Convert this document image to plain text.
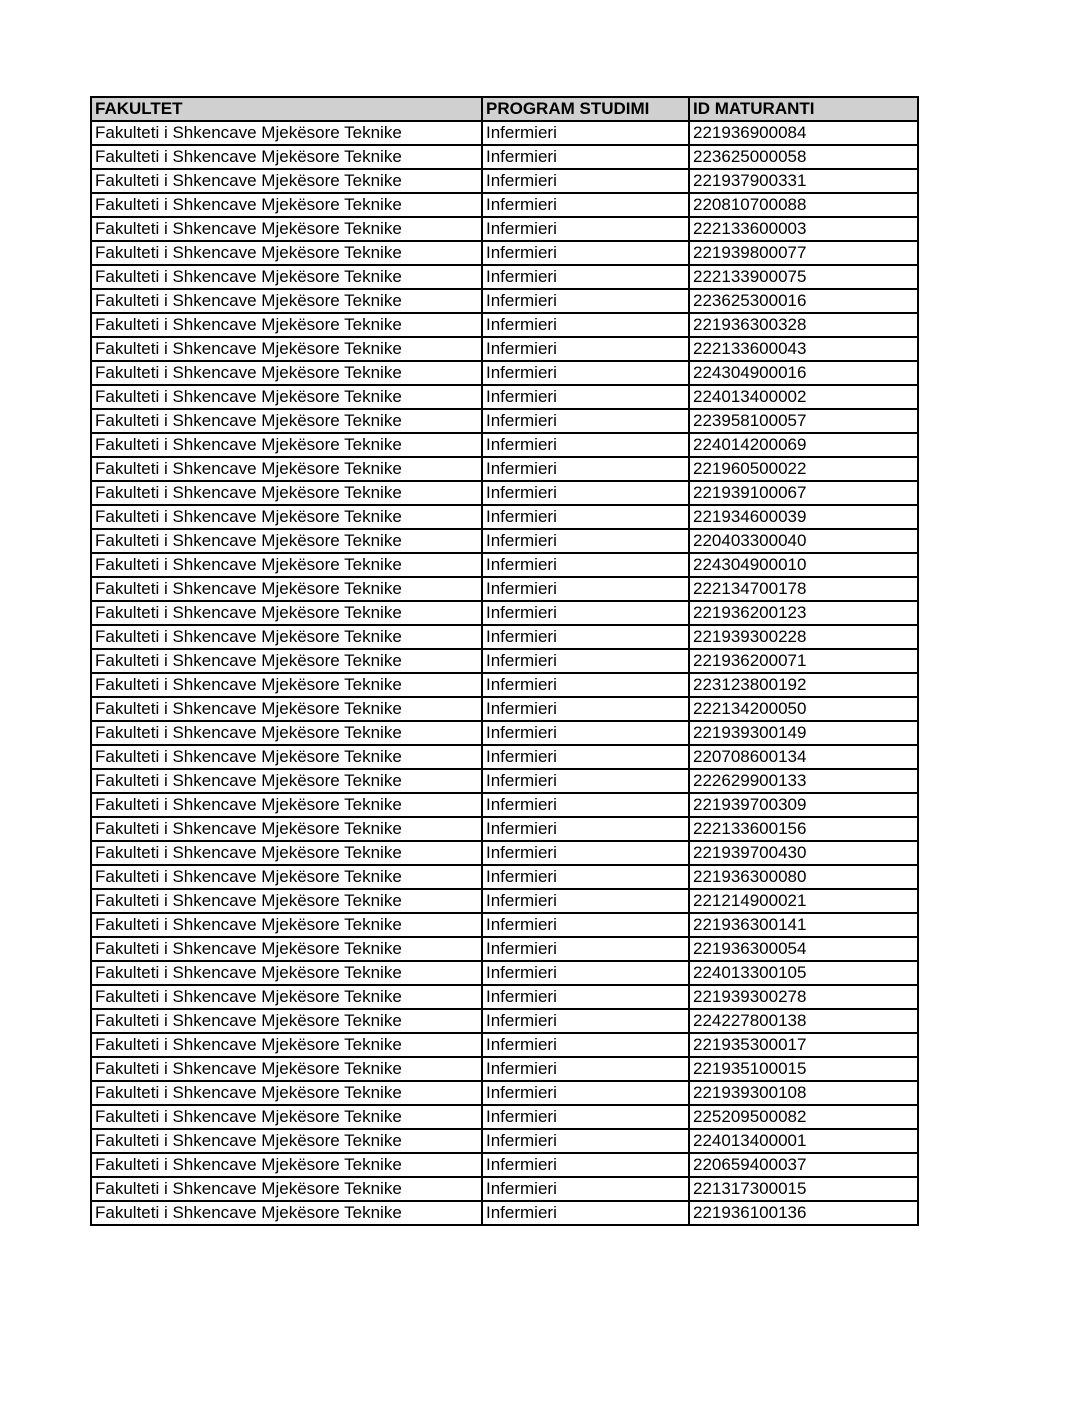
FAKULTET	PROGRAM STUDIMI	ID MATURANTI
Fakulteti i Shkencave Mjekësore Teknike	Infermieri	221936900084
Fakulteti i Shkencave Mjekësore Teknike	Infermieri	223625000058
Fakulteti i Shkencave Mjekësore Teknike	Infermieri	221937900331
Fakulteti i Shkencave Mjekësore Teknike	Infermieri	220810700088
Fakulteti i Shkencave Mjekësore Teknike	Infermieri	222133600003
Fakulteti i Shkencave Mjekësore Teknike	Infermieri	221939800077
Fakulteti i Shkencave Mjekësore Teknike	Infermieri	222133900075
Fakulteti i Shkencave Mjekësore Teknike	Infermieri	223625300016
Fakulteti i Shkencave Mjekësore Teknike	Infermieri	221936300328
Fakulteti i Shkencave Mjekësore Teknike	Infermieri	222133600043
Fakulteti i Shkencave Mjekësore Teknike	Infermieri	224304900016
Fakulteti i Shkencave Mjekësore Teknike	Infermieri	224013400002
Fakulteti i Shkencave Mjekësore Teknike	Infermieri	223958100057
Fakulteti i Shkencave Mjekësore Teknike	Infermieri	224014200069
Fakulteti i Shkencave Mjekësore Teknike	Infermieri	221960500022
Fakulteti i Shkencave Mjekësore Teknike	Infermieri	221939100067
Fakulteti i Shkencave Mjekësore Teknike	Infermieri	221934600039
Fakulteti i Shkencave Mjekësore Teknike	Infermieri	220403300040
Fakulteti i Shkencave Mjekësore Teknike	Infermieri	224304900010
Fakulteti i Shkencave Mjekësore Teknike	Infermieri	222134700178
Fakulteti i Shkencave Mjekësore Teknike	Infermieri	221936200123
Fakulteti i Shkencave Mjekësore Teknike	Infermieri	221939300228
Fakulteti i Shkencave Mjekësore Teknike	Infermieri	221936200071
Fakulteti i Shkencave Mjekësore Teknike	Infermieri	223123800192
Fakulteti i Shkencave Mjekësore Teknike	Infermieri	222134200050
Fakulteti i Shkencave Mjekësore Teknike	Infermieri	221939300149
Fakulteti i Shkencave Mjekësore Teknike	Infermieri	220708600134
Fakulteti i Shkencave Mjekësore Teknike	Infermieri	222629900133
Fakulteti i Shkencave Mjekësore Teknike	Infermieri	221939700309
Fakulteti i Shkencave Mjekësore Teknike	Infermieri	222133600156
Fakulteti i Shkencave Mjekësore Teknike	Infermieri	221939700430
Fakulteti i Shkencave Mjekësore Teknike	Infermieri	221936300080
Fakulteti i Shkencave Mjekësore Teknike	Infermieri	221214900021
Fakulteti i Shkencave Mjekësore Teknike	Infermieri	221936300141
Fakulteti i Shkencave Mjekësore Teknike	Infermieri	221936300054
Fakulteti i Shkencave Mjekësore Teknike	Infermieri	224013300105
Fakulteti i Shkencave Mjekësore Teknike	Infermieri	221939300278
Fakulteti i Shkencave Mjekësore Teknike	Infermieri	224227800138
Fakulteti i Shkencave Mjekësore Teknike	Infermieri	221935300017
Fakulteti i Shkencave Mjekësore Teknike	Infermieri	221935100015
Fakulteti i Shkencave Mjekësore Teknike	Infermieri	221939300108
Fakulteti i Shkencave Mjekësore Teknike	Infermieri	225209500082
Fakulteti i Shkencave Mjekësore Teknike	Infermieri	224013400001
Fakulteti i Shkencave Mjekësore Teknike	Infermieri	220659400037
Fakulteti i Shkencave Mjekësore Teknike	Infermieri	221317300015
Fakulteti i Shkencave Mjekësore Teknike	Infermieri	221936100136
